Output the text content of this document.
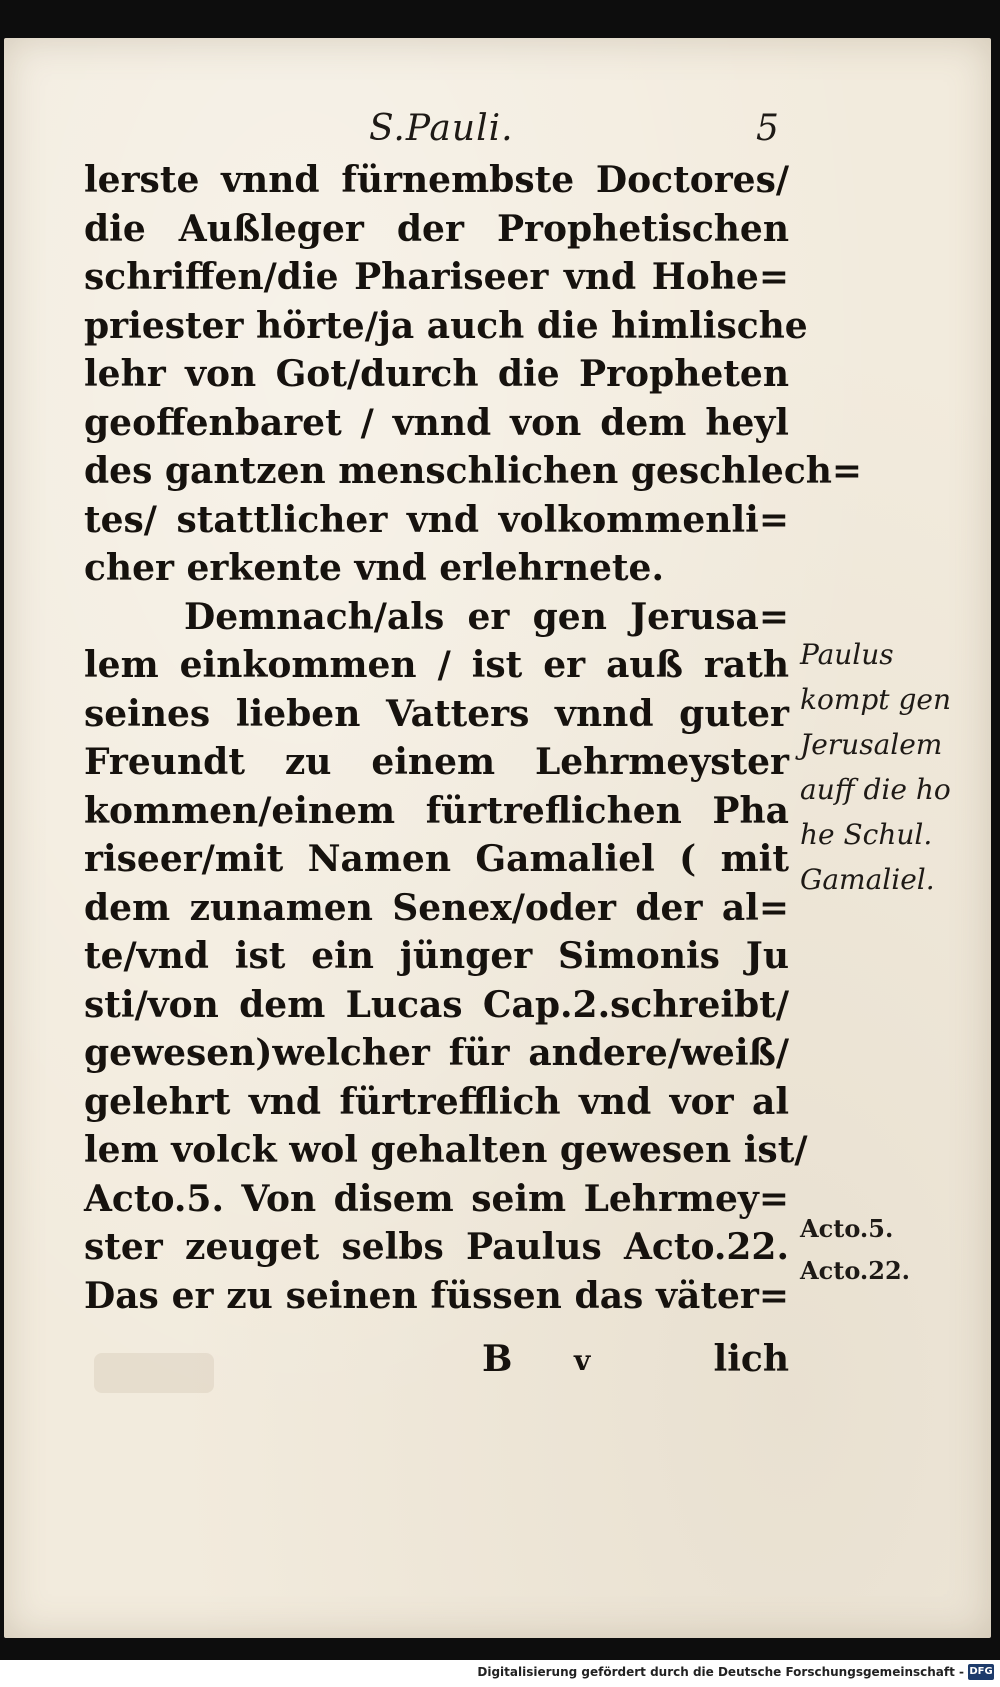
S.Pauli.	5
lerste vnnd fürnembste Doctores/
die Außleger der Prophetischen
schriffen/die Phariseer vnd Hohe=
priester hörte/ja auch die himlische
lehr von Got/durch die Propheten
geoffenbaret / vnnd von dem heyl
des gantzen menschlichen geschlech=
tes/ stattlicher vnd volkommenli=
cher erkente vnd erlehrnete.
Demnach/als er gen Jerusa=
lem einkommen / ist er auß rath
seines lieben Vatters vnnd guter
Freundt zu einem Lehrmeyster
kommen/einem fürtreflichen Pha
riseer/mit Namen Gamaliel ( mit
dem zunamen Senex/oder der al=
te/vnd ist ein jünger Simonis Ju
sti/von dem Lucas Cap.2.schreibt/
gewesen)welcher für andere/weiß/
gelehrt vnd fürtrefflich vnd vor al
lem volck wol gehalten gewesen ist/
Acto.5. Von disem seim Lehrmey=
ster zeuget selbs Paulus Acto.22.
Das er zu seinen füssen das väter=
B v	lich
Paulus
kompt gen
Jerusalem
auff die ho
he Schul.
Gamaliel.
Acto.5.
Acto.22.
Digitalisierung gefördert durch die Deutsche Forschungsgemeinschaft - DFG
